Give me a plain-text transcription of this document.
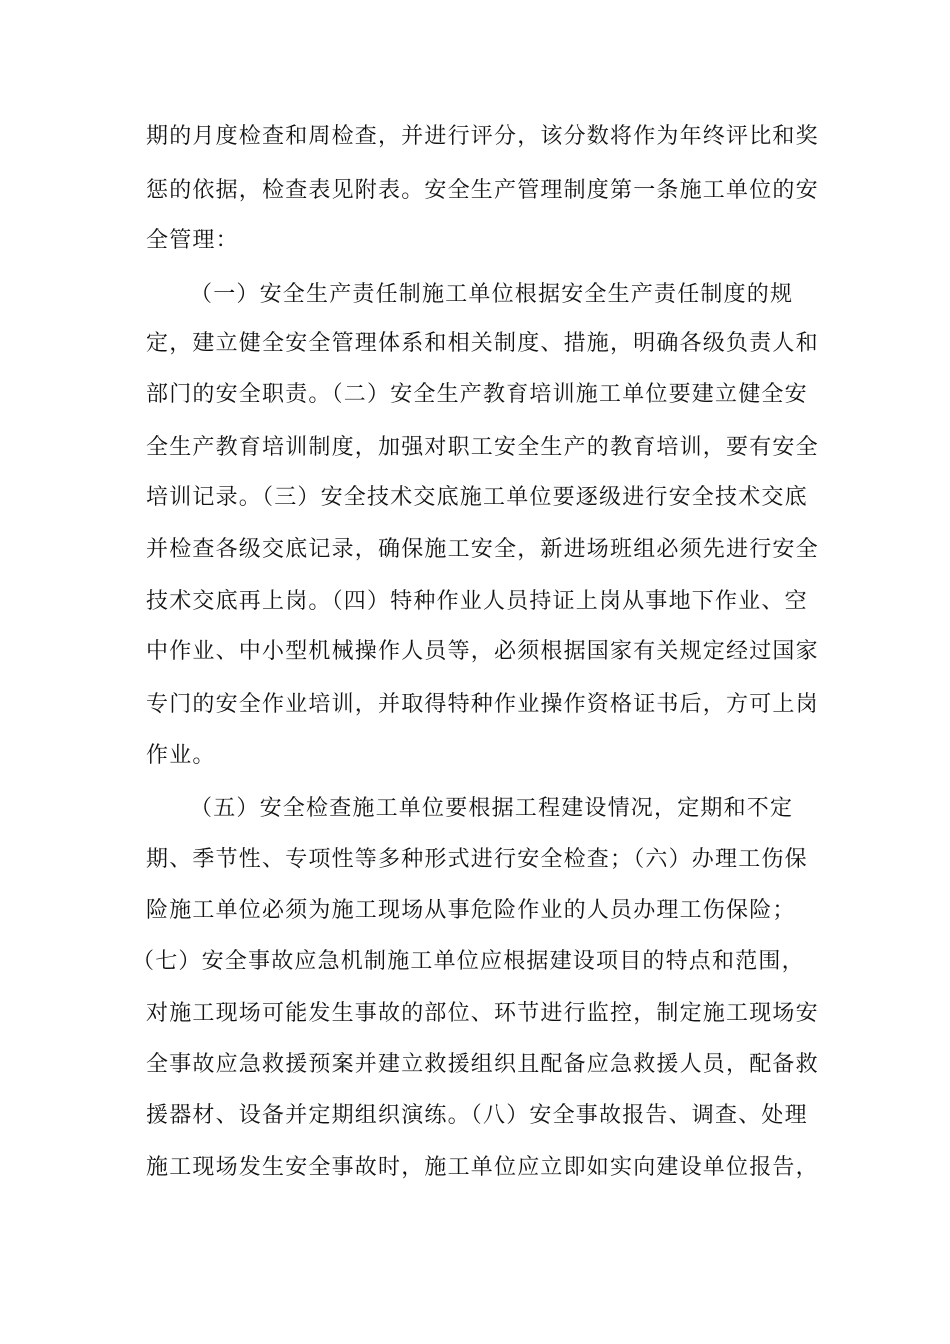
期的月度检查和周检查，并进行评分，该分数将作为年终评比和奖
惩的依据，检查表见附表。安全生产管理制度第一条施工单位的安
全管理：
（一）安全生产责任制施工单位根据安全生产责任制度的规
定，建立健全安全管理体系和相关制度、措施，明确各级负责人和
部门的安全职责。（二）安全生产教育培训施工单位要建立健全安
全生产教育培训制度，加强对职工安全生产的教育培训，要有安全
培训记录。（三）安全技术交底施工单位要逐级进行安全技术交底
并检查各级交底记录，确保施工安全，新进场班组必须先进行安全
技术交底再上岗。（四）特种作业人员持证上岗从事地下作业、空
中作业、中小型机械操作人员等，必须根据国家有关规定经过国家
专门的安全作业培训，并取得特种作业操作资格证书后，方可上岗
作业。
（五）安全检查施工单位要根据工程建设情况，定期和不定
期、季节性、专项性等多种形式进行安全检查；（六）办理工伤保
险施工单位必须为施工现场从事危险作业的人员办理工伤保险；
（七）安全事故应急机制施工单位应根据建设项目的特点和范围，
对施工现场可能发生事故的部位、环节进行监控，制定施工现场安
全事故应急救援预案并建立救援组织且配备应急救援人员，配备救
援器材、设备并定期组织演练。（八）安全事故报告、调查、处理
施工现场发生安全事故时，施工单位应立即如实向建设单位报告，
